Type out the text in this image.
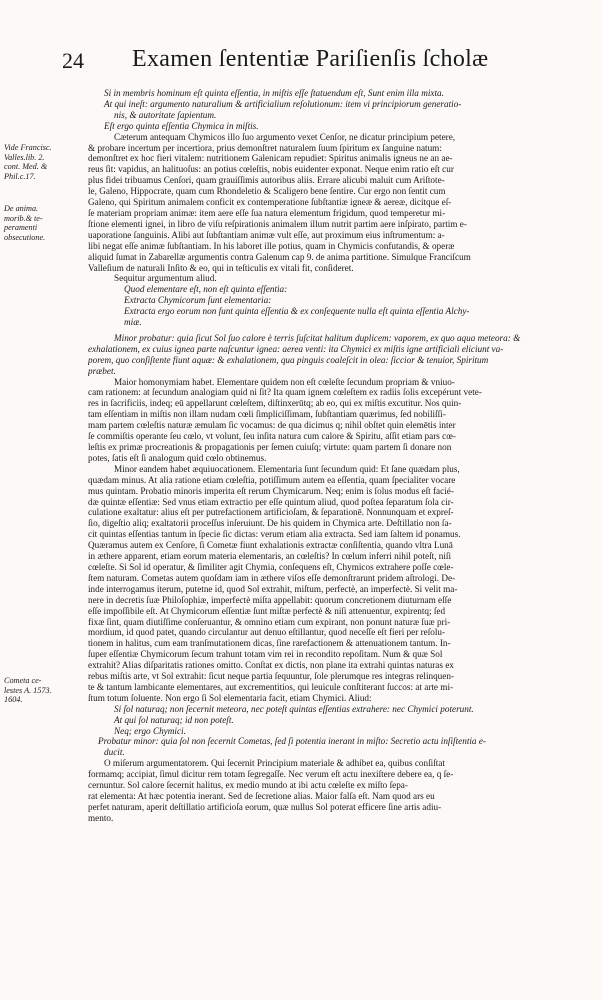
24 Examen ſententiæ Pariſienſis ſcholæ
Vide Francisc.
Valles.lib. 2.
cont. Med. &
Phil.c.17.
De anima.
morib.& te-
peramenti
obsecutione.
Cometa ce-
lestes A. 1573.
1604.
Si in membris hominum eſt quinta eſſentia, in miſtis eſſe ſtatuendum eſt, Sunt enim illa mixta.
At qui ineſt: argumento naturalium & artificialium reſolutionum: item vi principiorum generatio-
nis, & autoritate ſapientum.
Eſt ergo quinta eſſentia Chymica in miſtis.
Cæterum antequam Chymicos illo ſuo argumento vexet Cenſor, ne dicatur principium petere,
& probare incertum per incertiora, prius demonſtret naturalem ſuum ſpiritum ex ſanguine natum:
demonſtret ex hoc fieri vitalem: nutritionem Galenicam repudiet: Spiritus animalis igneus ne an ae-
reus ſit: vapidus, an halituoſus: an potius cœleſtis, nobis euidenter exponat. Neque enim ratio eſt cur
plus fidei tribuamus Cenſori, quam grauiſſimis autoribus aliis. Errare alicubi maluit cum Ariſtote-
le, Galeno, Hippocrate, quam cum Rhondeletio & Scaligero bene ſentire. Cur ergo non ſentit cum
Galeno, qui Spiritum animalem conficit ex contemperatione ſubſtantiæ igneæ & aereæ, dicitque eſ-
ſe materiam propriam animæ: item aere eſſe ſua natura elementum frigidum, quod temperetur mi-
ſtione elementi ignei, in libro de viſu reſpirationis animalem illum nutrit partim aere inſpirato, partim e-
uaporatione ſanguinis. Alibi aut ſubſtantiam animæ vult eſſe, aut proximum eius inſtrumentum: a-
libi negat eſſe animæ ſubſtantiam. In his laboret ille potius, quam in Chymicis confutandis, & operæ
aliquid ſumat in Zabarellæ argumentis contra Galenum cap 9. de anima partitione. Simulque Franciſcum
Valleſium de naturali Inſito & eo, qui in teſticulis ex vitali fit, conſideret.
Sequitur argumentum aliud.
Quod elementare eſt, non eſt quinta eſſentia:
Extracta Chymicorum ſunt elementaria:
Extracta ergo eorum non ſunt quinta eſſentia & ex conſequente nulla eſt quinta eſſentia Alchy-
miæ.
Minor probatur: quia ſicut Sol ſuo calore è terris ſuſcitat halitum duplicem: vaporem, ex quo aqua meteora: &
exhalationem, ex cuius ignea parte naſcuntur ignea: aerea venti: ita Chymici ex miſtis igne artificiali eliciunt va-
porem, quo conſiſtente fiunt aquæ: & exhalationem, qua pinguis coaleſcit in olea: ſiccior & tenuior, Spiritum
præbet.
Maior homonymiam habet. Elementare quidem non eſt cœleſte ſecundum propriam & vniuo-
cam rationem: at ſecundum analogiam quid ni ſit? Ita quam ignem cœleſtem ex radiis ſolis excepérunt vete-
res in ſacrificiis, indeq; eū appellarunt cœleſtem, diſtinxerūtq; ab eo, qui ex miſtis excutitur. Nos quin-
tam eſſentiam in miſtis non illam nudam cœli ſimpliciſſimam, ſubſtantiam quærimus, ſed nobiliſſi-
mam partem cœleſtis naturæ æmulam ſic vocamus: de qua dicimus q; nihil obſtet quin elemētis inter
ſe commiſtis operante ſeu cœlo, vt volunt, ſeu inſita natura cum calore & Spiritu, aſſit etiam pars cœ-
leſtis ex primæ procreationis & propagationis per ſemen cuiuſq; virtute: quam partem ſi donare non
potes, ſatis eſt ſi analogum quid cœlo obtinemus.
Minor eandem habet æquiuocationem. Elementaria ſunt ſecundum quid: Et ſane quædam plus,
quædam minus. At alia ratione etiam cœleſtia, potiſſimum autem ea eſſentia, quam ſpecialiter vocare
mus quintam. Probatio minoris imperita eſt rerum Chymicarum. Neq; enim is ſolus modus eſt facié-
dæ quintæ eſſentiæ: Sed vnus etiam extractio per eſſe quintum aliud, quod poſtea ſeparatum ſola cir-
culatione exaltatur: alius eſt per putrefactionem artificioſam, & ſeparationē. Nonnunquam et expreſ-
ſio, digeſtio aliq; exaltatorii proceſſus inſeruiunt. De his quidem in Chymica arte. Deſtillatio non ſa-
cit quintas eſſentias tantum in ſpecie ſic dictas: verum etiam alia extracta. Sed iam ſaltem id ponamus.
Quæramus autem ex Cenſore, ſi Cometæ fiunt exhalationis extractæ conſiſtentia, quando vltra Lunā
in æthere apparent, etiam eorum materia elementaris, an cœleſtis? In cœlum inferri nihil poteſt, niſi
cœleſte. Si Sol id operatur, & ſimiliter agit Chymia, conſequens eſt, Chymicos extrahere poſſe cœle-
ſtem naturam. Cometas autem quoſdam iam in æthere viſos eſſe demonſtrarunt pridem aſtrologi. De-
inde interrogamus iterum, putetne id, quod Sol extrahit, miſtum, perfectè, an imperfectè. Si velit ma-
nere in decretis ſuæ Philoſophiæ, imperfectè miſta appellabit: quorum concretionem diuturnam eſſe
eſſe impoſſibile eſt. At Chymicorum eſſentiæ ſunt miſtæ perfectè & niſi attenuentur, expirentq; ſed
fixæ ſint, quam diutiſſime conſeruantur, & omnino etiam cum expirant, non ponunt naturæ ſuæ pri-
mordium, id quod patet, quando circulantur aut denuo eſtillantur, quod neceſſe eſt fieri per reſolu-
tionem in halitus, cum eam tranſmutationem dicas, ſine rarefactionem & attenuationem tantum. In-
ſuper eſſentiæ Chymicorum ſecum trahunt totam vim rei in recondito repoſitam. Num & quæ Sol
extrahit? Alias diſparitatis rationes omitto. Conſtat ex dictis, non plane ita extrahi quintas naturas ex
rebus miſtis arte, vt Sol extrahit: ſicut neque partia ſequuntur, ſole plerumque res integras relinquen-
te & tantum lambicante elementares, aut excrementitios, qui leuicule conſtiterant ſuccos: at arte mi-
ſtum totum ſoluente. Non ergo ſi Sol elementaria facit, etiam Chymici. Aliud:
Si ſol naturaq; non ſecernit meteora, nec poteſt quintas eſſentias extrahere: nec Chymici poterunt.
At qui ſol naturaq; id non poteſt.
Neq; ergo Chymici.
Probatur minor: quia ſol non ſecernit Cometas, ſed ſi potentia inerant in miſto: Secretio actu inſiſtentia e-
ducit.
O miſerum argumentatorem. Qui ſecernit Principium materiale & adhibet ea, quibus conſiſtat
formamq; accipiat, ſimul dicitur rem totam ſegregaſſe. Nec verum eſt actu inexiſtere debere ea, q ſe-
cernuntur. Sol calore ſecernit halitus, ex medio mundo at ibi actu cœleſte ex miſto ſepa-
rat elementa: At hæc potentia inerant. Sed de ſecretione alias. Maior falſa eſt. Nam quod ars eu
perfet naturam, aperit deſtillatio artificioſa eorum, quæ nullus Sol poterat efficere ſine artis adiu-
mento.
